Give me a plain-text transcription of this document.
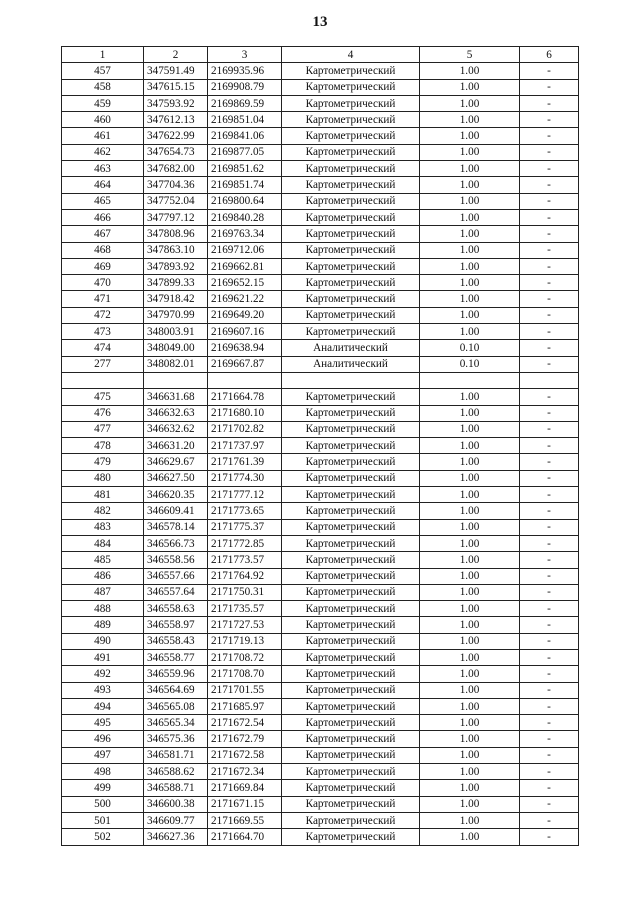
13
1	2	3	4	5	6
457	347591.49	2169935.96	Картометрический	1.00	-
458	347615.15	2169908.79	Картометрический	1.00	-
459	347593.92	2169869.59	Картометрический	1.00	-
460	347612.13	2169851.04	Картометрический	1.00	-
461	347622.99	2169841.06	Картометрический	1.00	-
462	347654.73	2169877.05	Картометрический	1.00	-
463	347682.00	2169851.62	Картометрический	1.00	-
464	347704.36	2169851.74	Картометрический	1.00	-
465	347752.04	2169800.64	Картометрический	1.00	-
466	347797.12	2169840.28	Картометрический	1.00	-
467	347808.96	2169763.34	Картометрический	1.00	-
468	347863.10	2169712.06	Картометрический	1.00	-
469	347893.92	2169662.81	Картометрический	1.00	-
470	347899.33	2169652.15	Картометрический	1.00	-
471	347918.42	2169621.22	Картометрический	1.00	-
472	347970.99	2169649.20	Картометрический	1.00	-
473	348003.91	2169607.16	Картометрический	1.00	-
474	348049.00	2169638.94	Аналитический	0.10	-
277	348082.01	2169667.87	Аналитический	0.10	-

475	346631.68	2171664.78	Картометрический	1.00	-
476	346632.63	2171680.10	Картометрический	1.00	-
477	346632.62	2171702.82	Картометрический	1.00	-
478	346631.20	2171737.97	Картометрический	1.00	-
479	346629.67	2171761.39	Картометрический	1.00	-
480	346627.50	2171774.30	Картометрический	1.00	-
481	346620.35	2171777.12	Картометрический	1.00	-
482	346609.41	2171773.65	Картометрический	1.00	-
483	346578.14	2171775.37	Картометрический	1.00	-
484	346566.73	2171772.85	Картометрический	1.00	-
485	346558.56	2171773.57	Картометрический	1.00	-
486	346557.66	2171764.92	Картометрический	1.00	-
487	346557.64	2171750.31	Картометрический	1.00	-
488	346558.63	2171735.57	Картометрический	1.00	-
489	346558.97	2171727.53	Картометрический	1.00	-
490	346558.43	2171719.13	Картометрический	1.00	-
491	346558.77	2171708.72	Картометрический	1.00	-
492	346559.96	2171708.70	Картометрический	1.00	-
493	346564.69	2171701.55	Картометрический	1.00	-
494	346565.08	2171685.97	Картометрический	1.00	-
495	346565.34	2171672.54	Картометрический	1.00	-
496	346575.36	2171672.79	Картометрический	1.00	-
497	346581.71	2171672.58	Картометрический	1.00	-
498	346588.62	2171672.34	Картометрический	1.00	-
499	346588.71	2171669.84	Картометрический	1.00	-
500	346600.38	2171671.15	Картометрический	1.00	-
501	346609.77	2171669.55	Картометрический	1.00	-
502	346627.36	2171664.70	Картометрический	1.00	-
